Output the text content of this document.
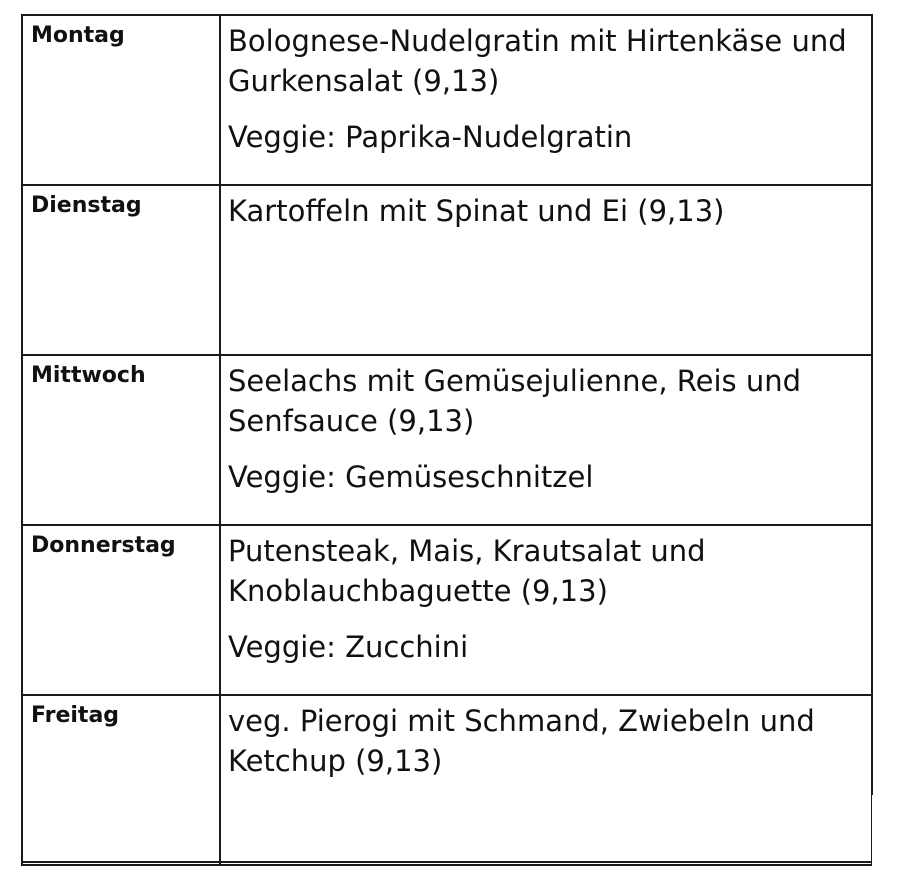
Montag	Bolognese-Nudelgratin mit Hirtenkäse und Gurkensalat (9,13)
Veggie: Paprika-Nudelgratin

Dienstag	Kartoffeln mit Spinat und Ei (9,13)

Mittwoch	Seelachs mit Gemüsejulienne, Reis und Senfsauce (9,13)
Veggie: Gemüseschnitzel

Donnerstag	Putensteak, Mais, Krautsalat und Knoblauchbaguette (9,13)
Veggie: Zucchini

Freitag	veg. Pierogi mit Schmand, Zwiebeln und Ketchup (9,13)
